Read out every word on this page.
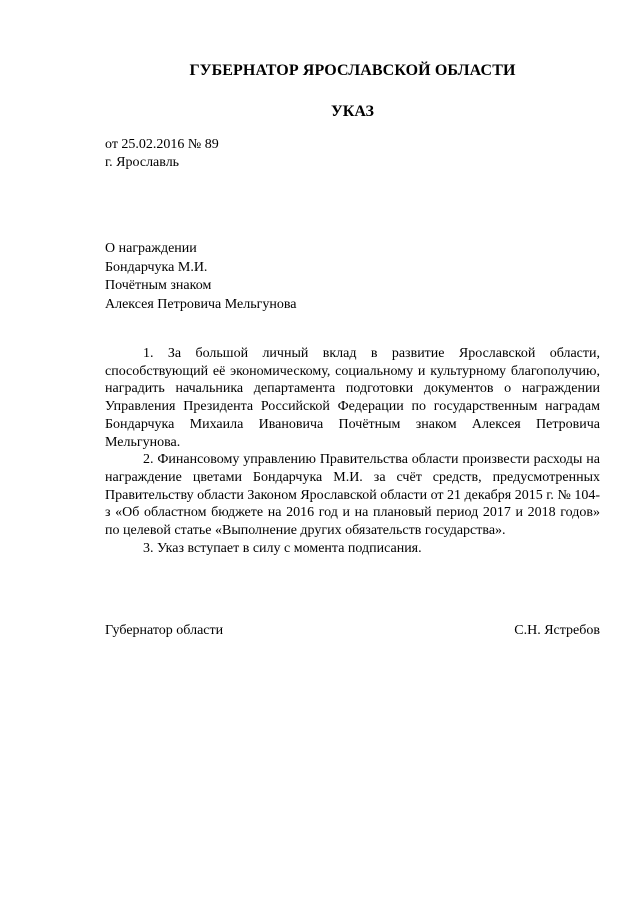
ГУБЕРНАТОР ЯРОСЛАВСКОЙ ОБЛАСТИ
УКАЗ
от 25.02.2016 № 89
г. Ярославль
О награждении
Бондарчука М.И.
Почётным знаком
Алексея Петровича Мельгунова

1. За большой личный вклад в развитие Ярославской области, способствующий её экономическому, социальному и культурному благополучию, наградить начальника департамента подготовки документов о награждении Управления Президента Российской Федерации по государственным наградам Бондарчука Михаила Ивановича Почётным знаком Алексея Петровича Мельгунова.

2. Финансовому управлению Правительства области произвести расходы на награждение цветами Бондарчука М.И. за счёт средств, предусмотренных Правительству области Законом Ярославской области от 21 декабря 2015 г. № 104-з «Об областном бюджете на 2016 год и на плановый период 2017 и 2018 годов» по целевой статье «Выполнение других обязательств государства».

3. Указ вступает в силу с момента подписания.

Губернатор области	С.Н. Ястребов
